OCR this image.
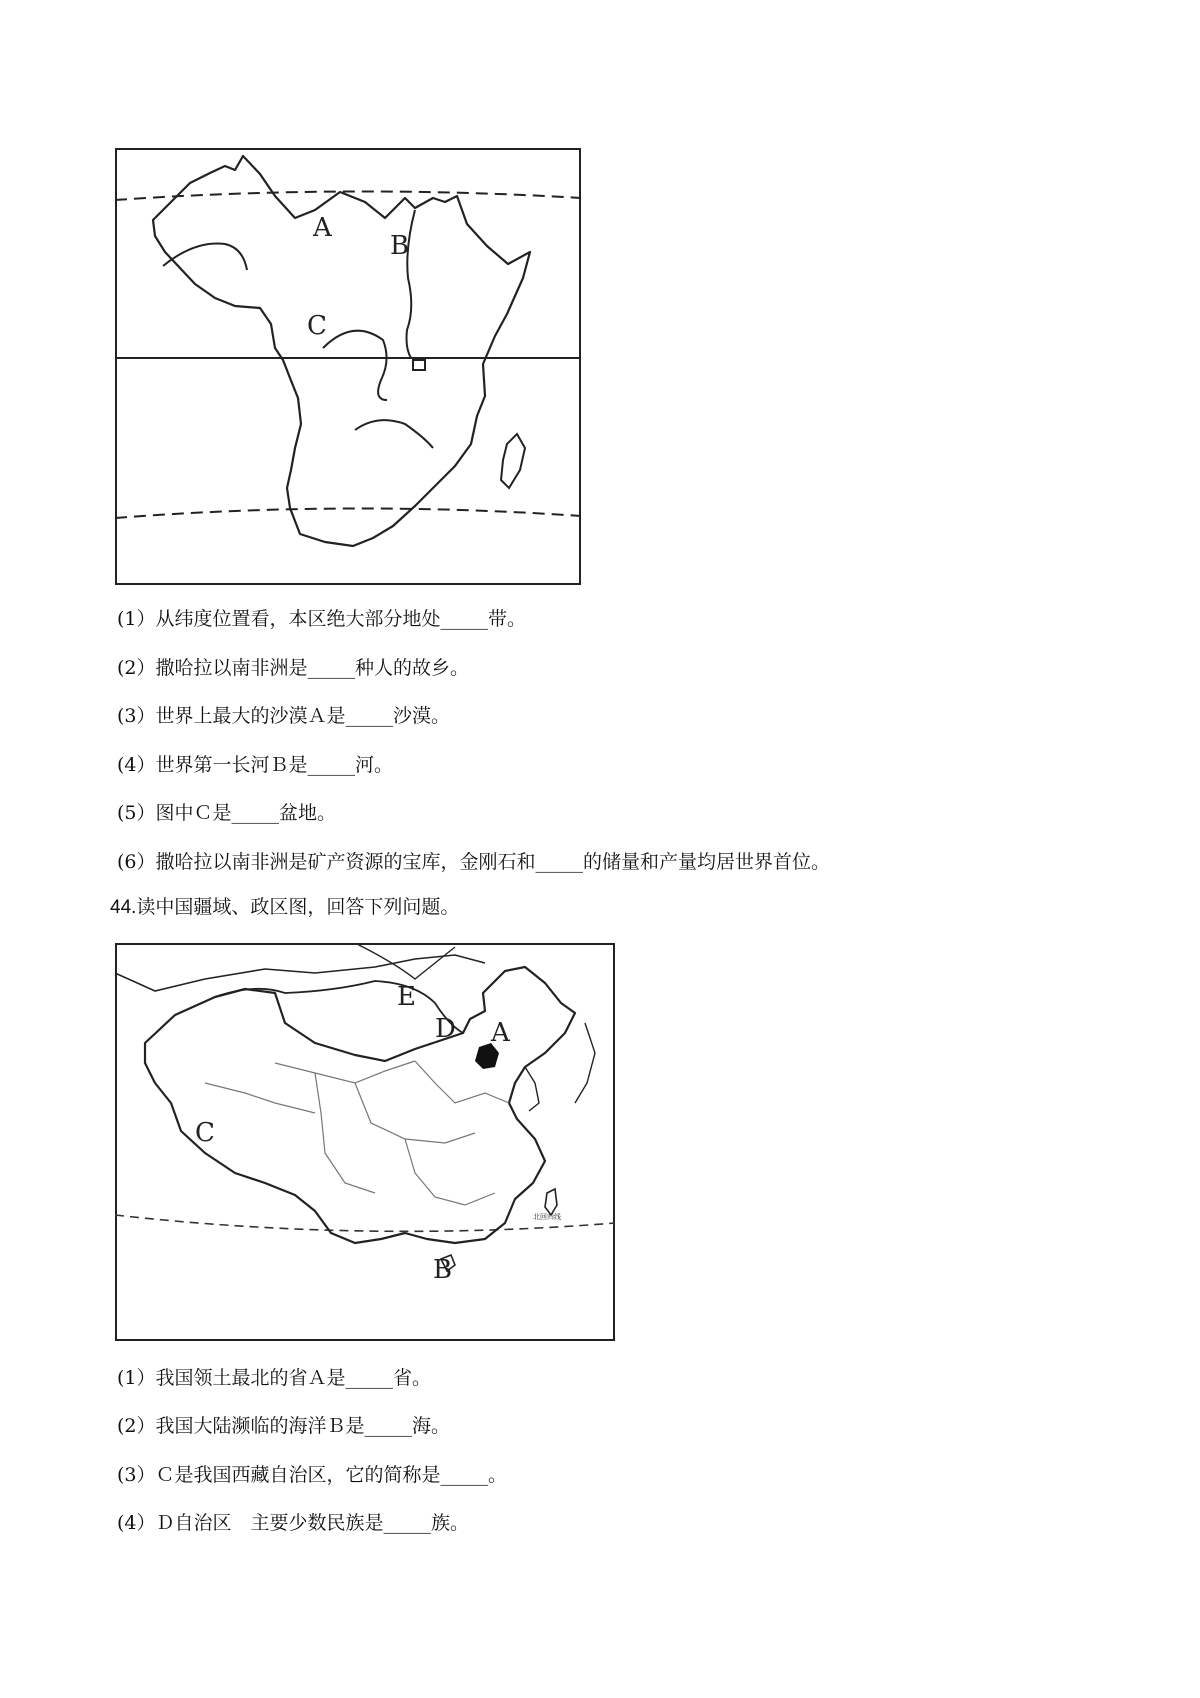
A
B
C
(1）从纬度位置看，本区绝大部分地处_____带。
(2）撒哈拉以南非洲是_____种人的故乡。
(3）世界上最大的沙漠Ａ是_____沙漠。
(4）世界第一长河Ｂ是_____河。
(5）图中Ｃ是_____盆地。
(6）撒哈拉以南非洲是矿产资源的宝库，金刚石和_____的储量和产量均居世界首位。
44.读中国疆域、政区图，回答下列问题。
E
A
D
C
B
北回归线
(1）我国领土最北的省Ａ是_____省。
(2）我国大陆濒临的海洋Ｂ是_____海。
(3）Ｃ是我国西藏自治区，它的简称是_____。
(4）Ｄ自治区　主要少数民族是_____族。
